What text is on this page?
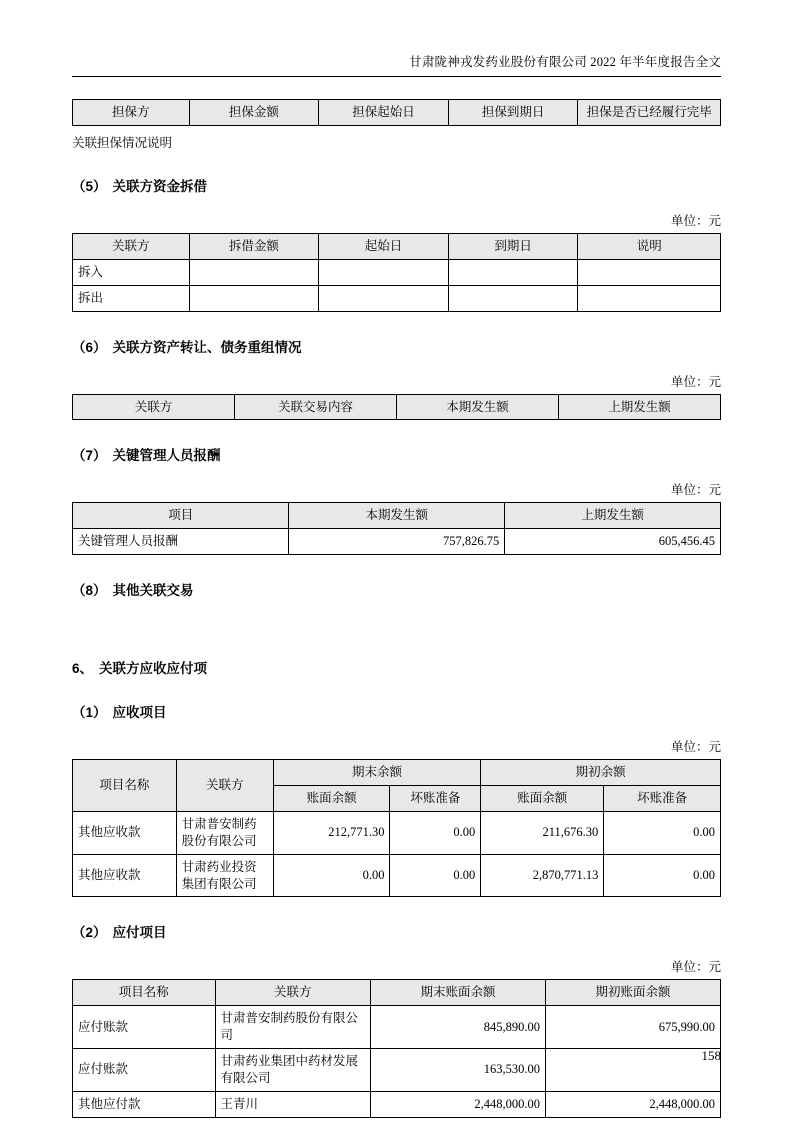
甘肃陇神戎发药业股份有限公司 2022 年半年度报告全文
担保方	担保金额	担保起始日	担保到期日	担保是否已经履行完毕
关联担保情况说明
（5） 关联方资金拆借
单位：元
关联方	拆借金额	起始日	到期日	说明
拆入				
拆出				
（6） 关联方资产转让、债务重组情况
单位：元
关联方	关联交易内容	本期发生额	上期发生额
（7） 关键管理人员报酬
单位：元
项目	本期发生额	上期发生额
关键管理人员报酬	757,826.75	605,456.45
（8） 其他关联交易
6、 关联方应收应付项
（1） 应收项目
单位：元
项目名称	关联方	期末余额		期初余额	
		账面余额	坏账准备	账面余额	坏账准备
其他应收款	甘肃普安制药股份有限公司	212,771.30	0.00	211,676.30	0.00
其他应收款	甘肃药业投资集团有限公司	0.00	0.00	2,870,771.13	0.00
（2） 应付项目
单位：元
项目名称	关联方	期末账面余额	期初账面余额
应付账款	甘肃普安制药股份有限公司	845,890.00	675,990.00
应付账款	甘肃药业集团中药材发展有限公司	163,530.00	
其他应付款	王青川	2,448,000.00	2,448,000.00
158
